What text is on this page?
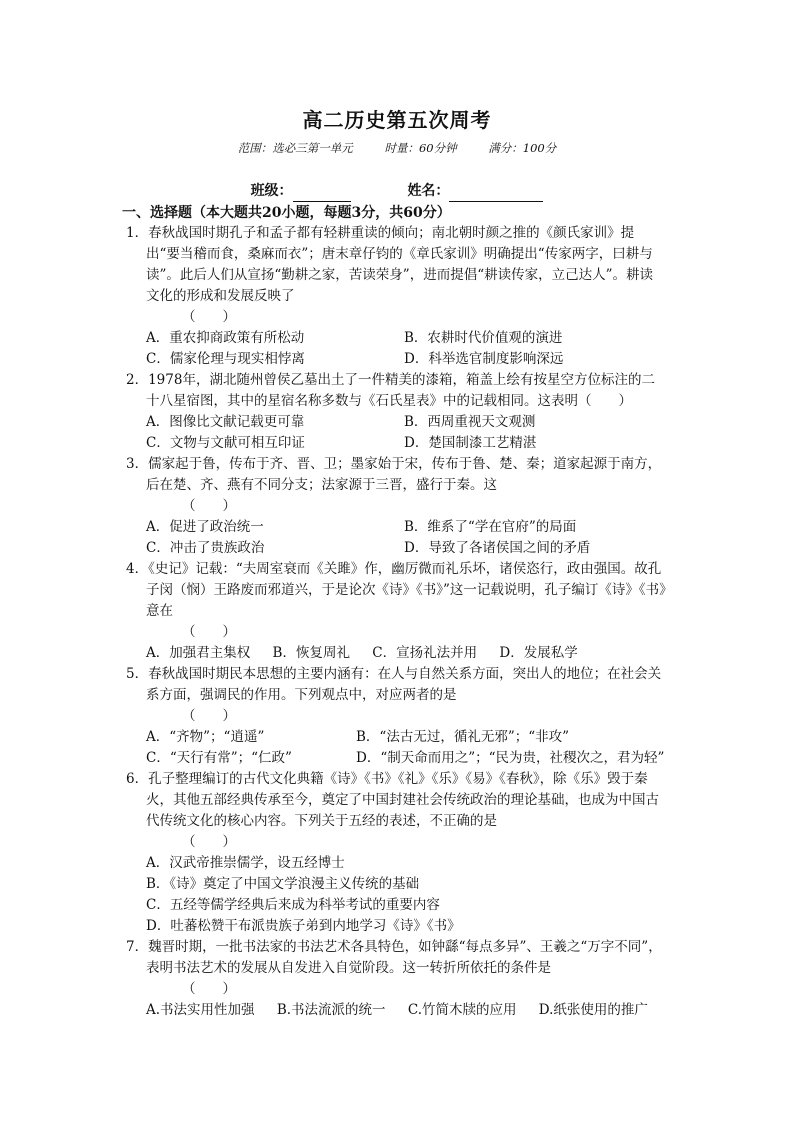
高二历史第五次周考
范围：选必三第一单元	时量：60分钟	满分：100分
班级：	姓名：
一、选择题（本大题共20小题，每题3分，共60分）
1．春秋战国时期孔子和孟子都有轻耕重读的倾向；南北朝时颜之推的《颜氏家训》提出“要当稽而食，桑麻而衣”；唐末章仔钧的《章氏家训》明确提出“传家两字，曰耕与读”。此后人们从宣扬“勤耕之家，苦读荣身”，进而提倡“耕读传家，立己达人”。耕读文化的形成和发展反映了
（　　）
A．重农抑商政策有所松动	B．农耕时代价值观的演进
C．儒家伦理与现实相悖离	D．科举选官制度影响深远
2．1978年，湖北随州曾侯乙墓出土了一件精美的漆箱，箱盖上绘有按星空方位标注的二十八星宿图，其中的星宿名称多数与《石氏星表》中的记载相同。这表明（　　）
A．图像比文献记载更可靠	B．西周重视天文观测
C．文物与文献可相互印证	D．楚国制漆工艺精湛
3．儒家起于鲁，传布于齐、晋、卫；墨家始于宋，传布于鲁、楚、秦；道家起源于南方，后在楚、齐、燕有不同分支；法家源于三晋，盛行于秦。这
（　　）
A．促进了政治统一	B．维系了“学在官府”的局面
C．冲击了贵族政治	D．导致了各诸侯国之间的矛盾
4．《史记》记载：“夫周室衰而《关雎》作，幽厉微而礼乐坏，诸侯恣行，政由强国。故孔子闵（悯）王路废而邪道兴，于是论次《诗》《书》”这一记载说明，孔子编订《诗》《书》意在
（　　）
A．加强君主集权 B．恢复周礼 C．宣扬礼法并用 D．发展私学
5．春秋战国时期民本思想的主要内涵有：在人与自然关系方面，突出人的地位；在社会关系方面，强调民的作用。下列观点中，对应两者的是
（　　）
A．“齐物”；“逍遥”	B．“法古无过，循礼无邪”；“非攻”
C．“天行有常”；“仁政”	D．“制天命而用之”；“民为贵，社稷次之，君为轻”
6．孔子整理编订的古代文化典籍《诗》《书》《礼》《乐》《易》《春秋》，除《乐》毁于秦火，其他五部经典传承至今，奠定了中国封建社会传统政治的理论基础，也成为中国古代传统文化的核心内容。下列关于五经的表述，不正确的是
（　　）
A．汉武帝推崇儒学，设五经博士
B．《诗》奠定了中国文学浪漫主义传统的基础
C．五经等儒学经典后来成为科举考试的重要内容
D．吐蕃松赞干布派贵族子弟到内地学习《诗》《书》
7．魏晋时期，一批书法家的书法艺术各具特色，如钟繇“每点多异”、王羲之“万字不同”，表明书法艺术的发展从自发进入自觉阶段。这一转折所依托的条件是
（　　）
A.书法实用性加强 B.书法流派的统一 C.竹简木牍的应用 D.纸张使用的推广
